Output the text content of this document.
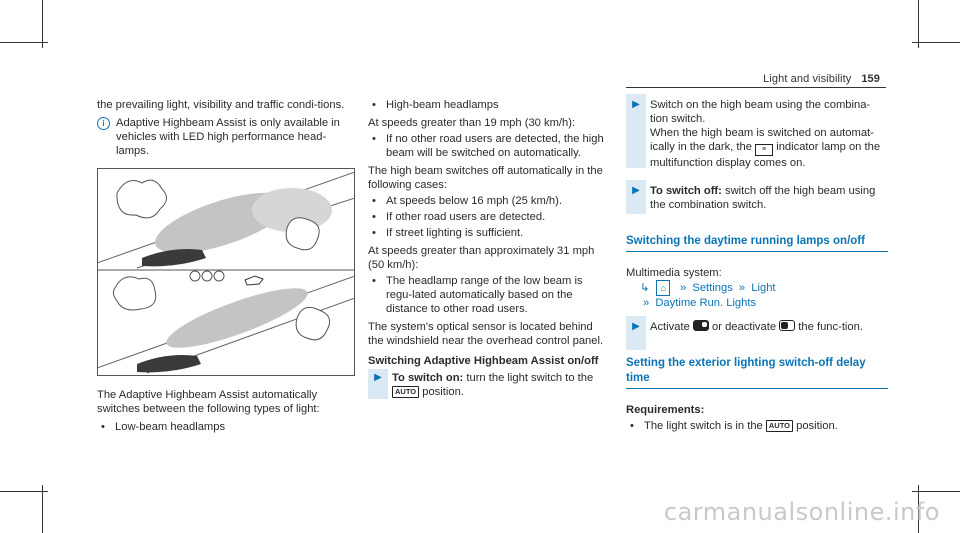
Light and visibility 159

the prevailing light, visibility and traffic condi-tions.

i	Adaptive Highbeam Assist is only available in vehicles with LED high performance head-lamps.

The Adaptive Highbeam Assist automatically switches between the following types of light:

• Low-beam headlamps
• High-beam headlamps

At speeds greater than 19 mph (30 km/h):

• If no other road users are detected, the high beam will be switched on automatically.

The high beam switches off automatically in the following cases:

• At speeds below 16 mph (25 km/h).
• If other road users are detected.
• If street lighting is sufficient.

At speeds greater than approximately 31 mph (50 km/h):

• The headlamp range of the low beam is regu-lated automatically based on the distance to other road users.

The system's optical sensor is located behind the windshield near the overhead control panel.

Switching Adaptive Highbeam Assist on/off

▶ To switch on: turn the light switch to the
AUTO position.
▶ Switch on the high beam using the combina-tion switch.
When the high beam is switched on automat-ically in the dark, the ≡ indicator lamp on the multifunction display comes on.
▶ To switch off: switch off the high beam using the combination switch.
Switching the daytime running lamps on/off

Multimedia system:

↳ ⌂ » Settings » Light
» Daytime Run. Lights
▶ Activate or deactivate the func-tion.
Setting the exterior lighting switch-off delay time

Requirements:

• The light switch is in the AUTO position.
carmanualsonline.info
